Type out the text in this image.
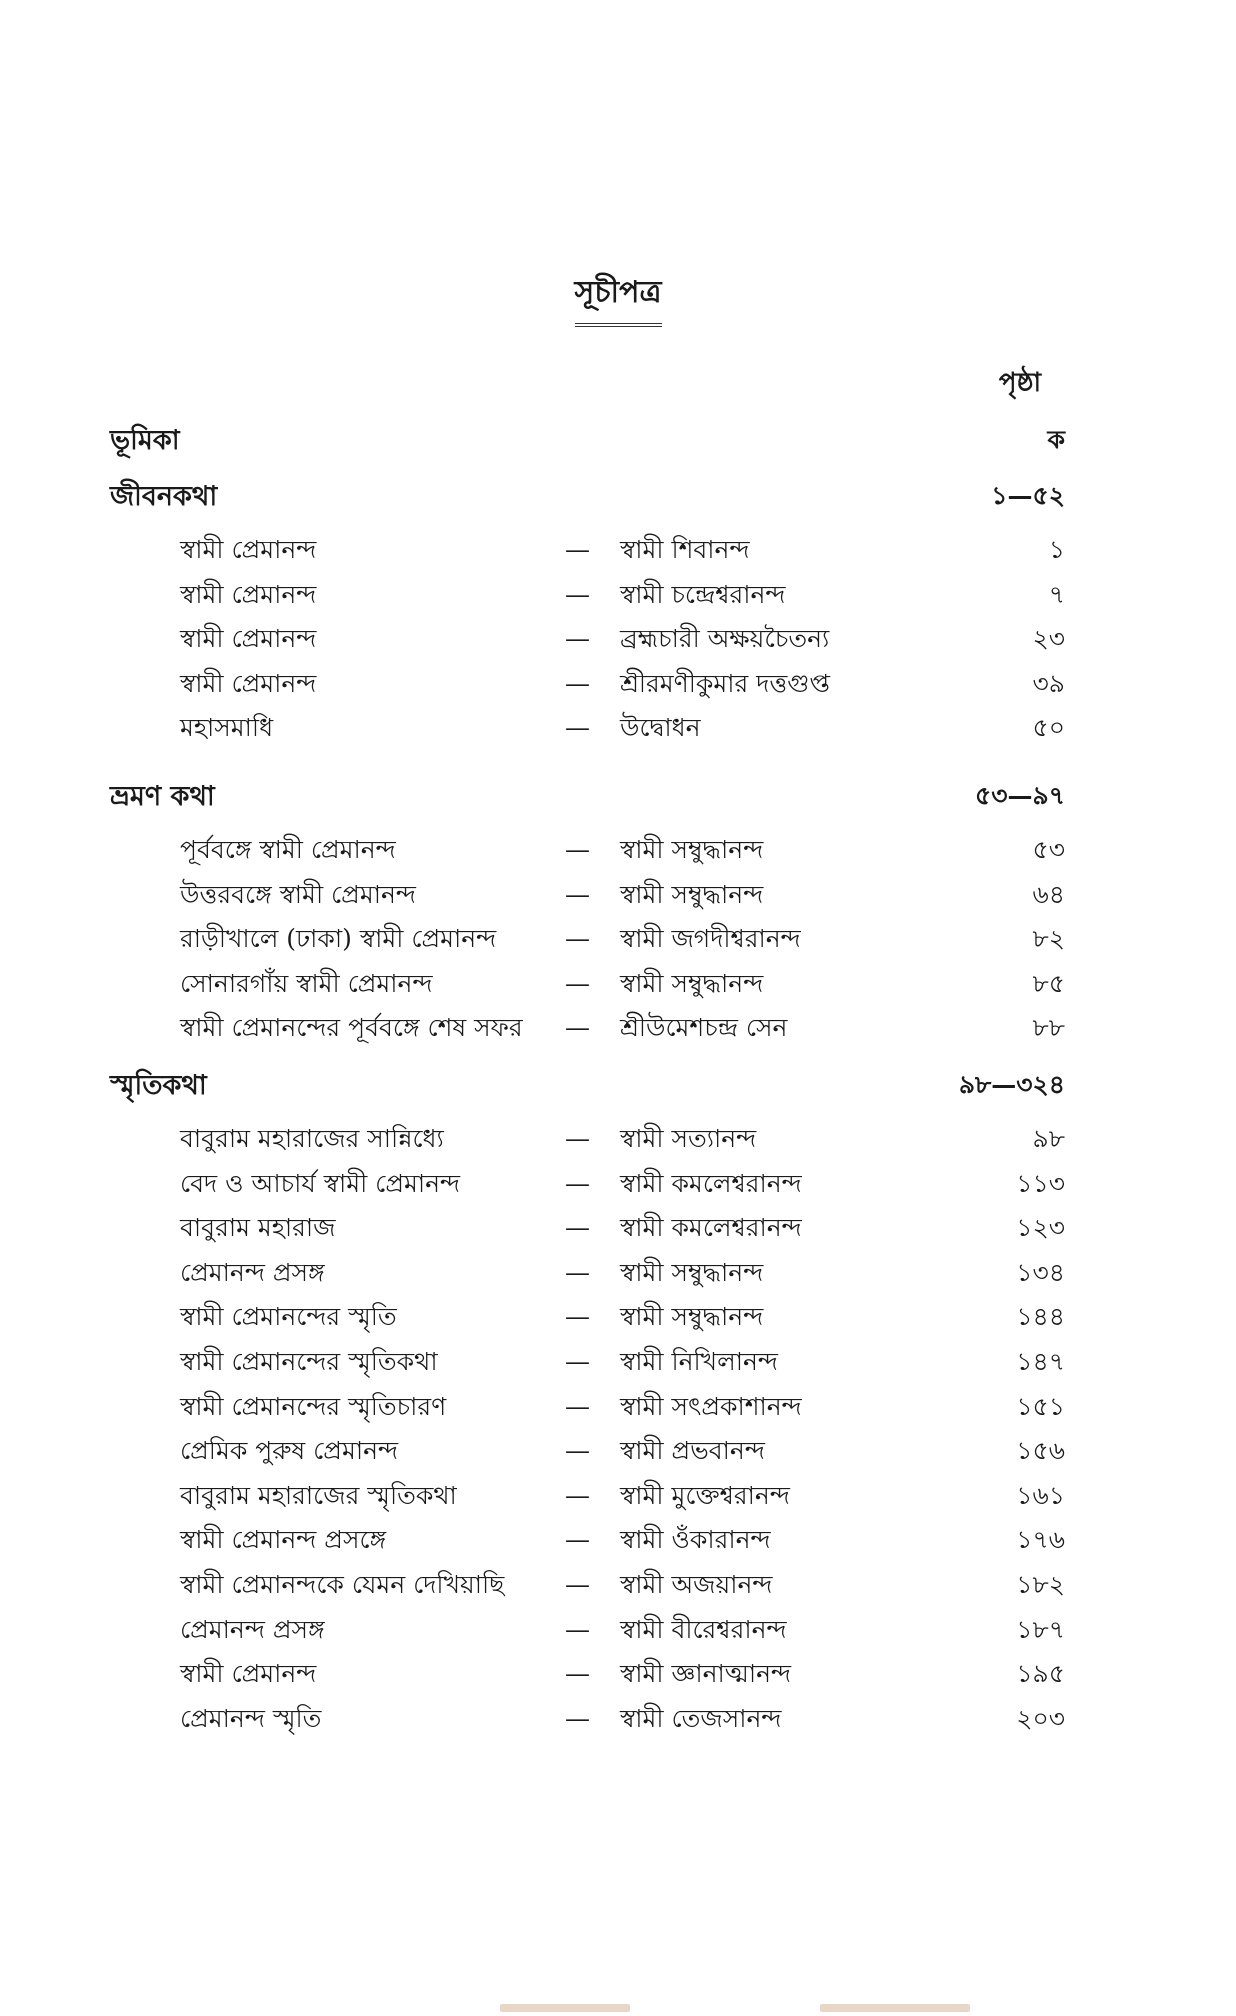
সূচীপত্র
পৃষ্ঠা
ভূমিকা	ক
জীবনকথা	১—৫২
স্বামী প্রেমানন্দ	— স্বামী শিবানন্দ	১
স্বামী প্রেমানন্দ	— স্বামী চন্দ্রেশ্বরানন্দ	৭
স্বামী প্রেমানন্দ	— ব্রহ্মচারী অক্ষয়চৈতন্য	২৩
স্বামী প্রেমানন্দ	— শ্রীরমণীকুমার দত্তগুপ্ত	৩৯
মহাসমাধি	— উদ্বোধন	৫০
ভ্রমণ কথা	৫৩—৯৭
পূর্ববঙ্গে স্বামী প্রেমানন্দ	— স্বামী সম্বুদ্ধানন্দ	৫৩
উত্তরবঙ্গে স্বামী প্রেমানন্দ	— স্বামী সম্বুদ্ধানন্দ	৬৪
রাড়ীখালে (ঢাকা) স্বামী প্রেমানন্দ	— স্বামী জগদীশ্বরানন্দ	৮২
সোনারগাঁয় স্বামী প্রেমানন্দ	— স্বামী সম্বুদ্ধানন্দ	৮৫
স্বামী প্রেমানন্দের পূর্ববঙ্গে শেষ সফর — শ্রীউমেশচন্দ্র সেন	৮৮
স্মৃতিকথা	৯৮—৩২৪
বাবুরাম মহারাজের সান্নিধ্যে	— স্বামী সত্যানন্দ	৯৮
বেদ ও আচার্য স্বামী প্রেমানন্দ	— স্বামী কমলেশ্বরানন্দ	১১৩
বাবুরাম মহারাজ	— স্বামী কমলেশ্বরানন্দ	১২৩
প্রেমানন্দ প্রসঙ্গ	— স্বামী সম্বুদ্ধানন্দ	১৩৪
স্বামী প্রেমানন্দের স্মৃতি	— স্বামী সম্বুদ্ধানন্দ	১৪৪
স্বামী প্রেমানন্দের স্মৃতিকথা	— স্বামী নিখিলানন্দ	১৪৭
স্বামী প্রেমানন্দের স্মৃতিচারণ	— স্বামী সৎপ্রকাশানন্দ	১৫১
প্রেমিক পুরুষ প্রেমানন্দ	— স্বামী প্রভবানন্দ	১৫৬
বাবুরাম মহারাজের স্মৃতিকথা	— স্বামী মুক্তেশ্বরানন্দ	১৬১
স্বামী প্রেমানন্দ প্রসঙ্গে	— স্বামী ওঁকারানন্দ	১৭৬
স্বামী প্রেমানন্দকে যেমন দেখিয়াছি — স্বামী অজয়ানন্দ	১৮২
প্রেমানন্দ প্রসঙ্গ	— স্বামী বীরেশ্বরানন্দ	১৮৭
স্বামী প্রেমানন্দ	— স্বামী জ্ঞানাত্মানন্দ	১৯৫
প্রেমানন্দ স্মৃতি	— স্বামী তেজসানন্দ	২০৩
